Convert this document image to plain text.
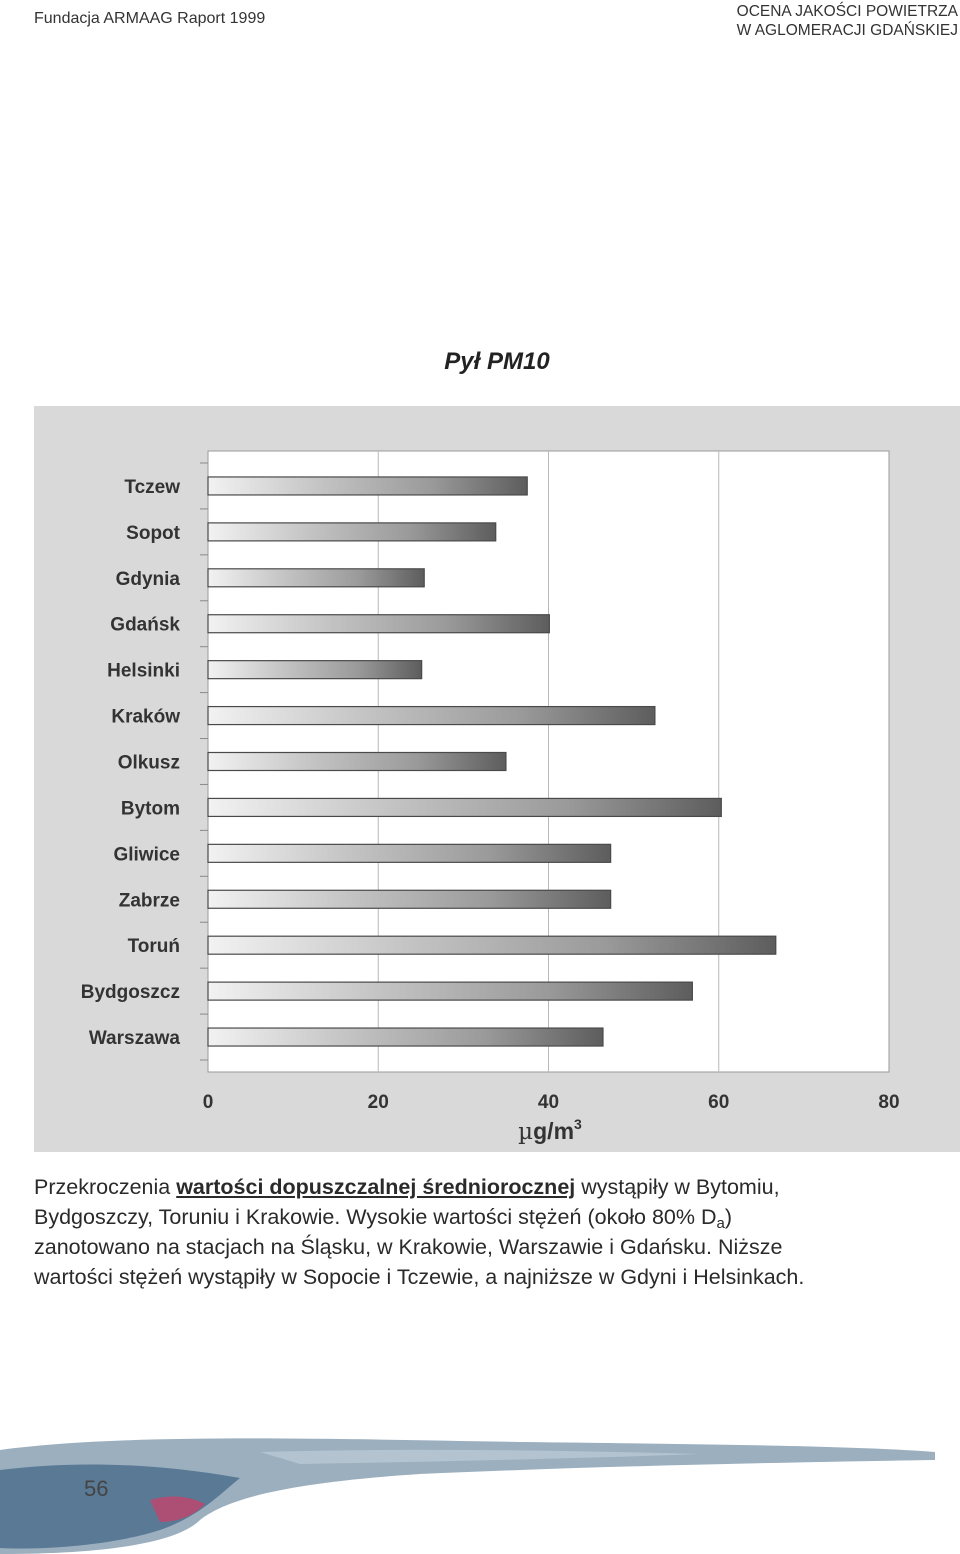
Fundacja ARMAAG Raport 1999	OCENA JAKOŚCI POWIETRZA
W AGLOMERACJI GDAŃSKIEJ
Pył PM10
Tczew
Sopot
Gdynia
Gdańsk
Helsinki
Kraków
Olkusz
Bytom
Gliwice
Zabrze
Toruń
Bydgoszcz
Warszawa
0	20	40	60	80
$\mu g/m^3$
Przekroczenia wartości dopuszczalnej średniorocznej wystąpiły w Bytomiu,
Bydgoszczy, Toruniu i Krakowie. Wysokie wartości stężeń (około 80% $D_a$)
zanotowano na stacjach na Śląsku, w Krakowie, Warszawie i Gdańsku. Niższe
wartości stężeń wystąpiły w Sopocie i Tczewie, a najniższe w Gdyni i Helsinkach.
56
